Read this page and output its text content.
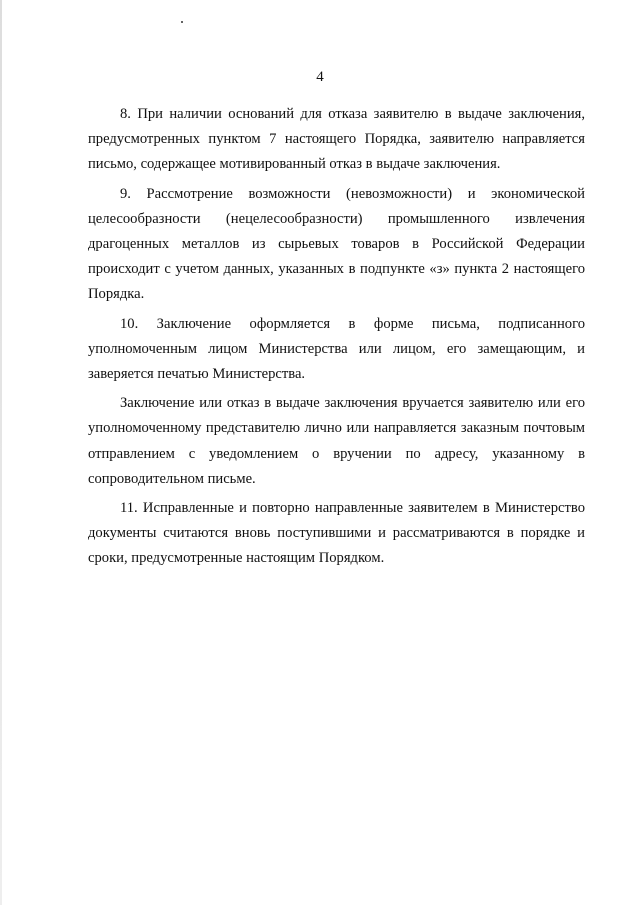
4

8. При наличии оснований для отказа заявителю в выдаче заключения, предусмотренных пунктом 7 настоящего Порядка, заявителю направляется письмо, содержащее мотивированный отказ в выдаче заключения.

9. Рассмотрение возможности (невозможности) и экономической целесообразности (нецелесообразности) промышленного извлечения драгоценных металлов из сырьевых товаров в Российской Федерации происходит с учетом данных, указанных в подпункте «з» пункта 2 настоящего Порядка.

10. Заключение оформляется в форме письма, подписанного уполномоченным лицом Министерства или лицом, его замещающим, и заверяется печатью Министерства.

Заключение или отказ в выдаче заключения вручается заявителю или его уполномоченному представителю лично или направляется заказным почтовым отправлением с уведомлением о вручении по адресу, указанному в сопроводительном письме.

11. Исправленные и повторно направленные заявителем в Министерство документы считаются вновь поступившими и рассматриваются в порядке и сроки, предусмотренные настоящим Порядком.
